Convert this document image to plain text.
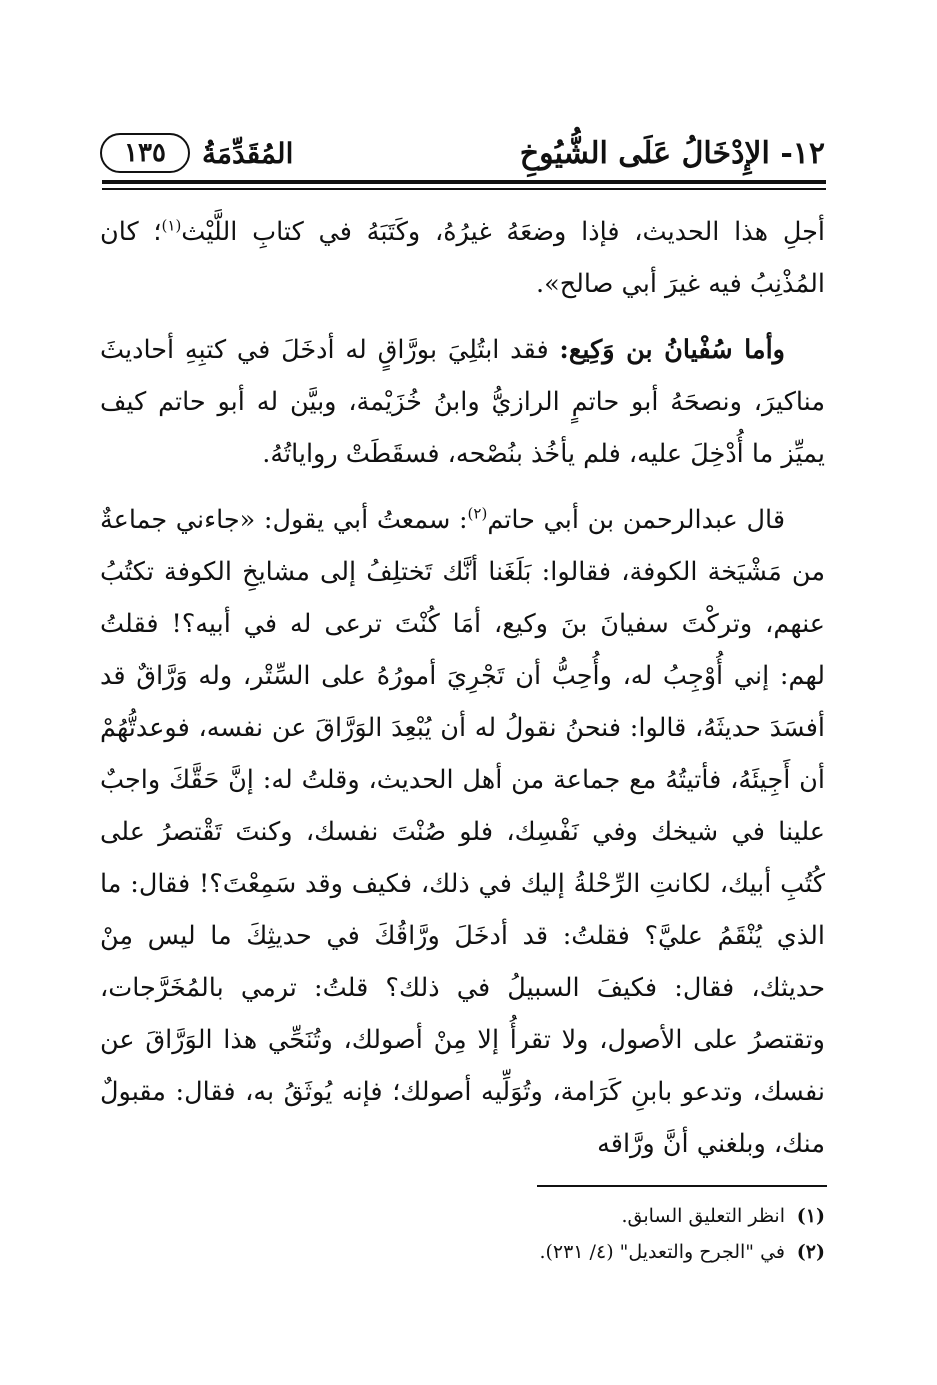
١٢- الإِدْخَالُ عَلَى الشُّيُوخِ
المُقَدِّمَةُ
١٣٥

أجلِ هذا الحديث، فإذا وضعَهُ غيرُهُ، وكَتَبَهُ في كتابِ اللَّيْث$^{(١)}$؛ كان المُذْنِبُ فيه غيرَ أبي صالح».

وأما سُفْيانُ بن وَكِيع: فقد ابتُلِيَ بورَّاقٍ له أدخَلَ في كتبِهِ أحاديثَ مناكيرَ، ونصحَهُ أبو حاتمٍ الرازيُّ وابنُ خُزَيْمة، وبيَّن له أبو حاتم كيف يميِّز ما أُدْخِلَ عليه، فلم يأخُذ بنُصْحه، فسقَطَتْ رواياتُهُ.

قال عبدالرحمن بن أبي حاتم$^{(٢)}$: سمعتُ أبي يقول: «جاءني جماعةٌ من مَشْيَخة الكوفة، فقالوا: بَلَغَنا أنَّك تَختلِفُ إلى مشايخِ الكوفة تكتُبُ عنهم، وتركْتَ سفيانَ بنَ وكيع، أمَا كُنْتَ ترعى له في أبيه؟! فقلتُ لهم: إني أُوْجِبُ له، وأُحِبُّ أن تَجْرِيَ أمورُهُ على السِّتْر، وله وَرَّاقٌ قد أفسَدَ حديثَهُ، قالوا: فنحنُ نقولُ له أن يُبْعِدَ الوَرَّاقَ عن نفسه، فوعدتُّهُمْ أن أَجِيئَهُ، فأتيتُهُ مع جماعة من أهل الحديث، وقلتُ له: إنَّ حَقَّكَ واجبٌ علينا في شيخك وفي نَفْسِك، فلو صُنْتَ نفسك، وكنتَ تَقْتصرُ على كُتُبِ أبيك، لكانتِ الرِّحْلةُ إليك في ذلك، فكيف وقد سَمِعْتَ؟! فقال: ما الذي يُنْقَمُ عليَّ؟ فقلتُ: قد أدخَلَ ورَّاقُكَ في حديثِكَ ما ليس مِنْ حديثك، فقال: فكيفَ السبيلُ في ذلك؟ قلتُ: ترمي بالمُخَرَّجات، وتقتصرُ على الأصول، ولا تقرأُ إلا مِنْ أصولك، وتُنَحِّي هذا الوَرَّاقَ عن نفسك، وتدعو بابنِ كَرَامة، وتُوَلِّيه أصولك؛ فإنه يُوثَقُ به، فقال: مقبولٌ منك، وبلغني أنَّ ورَّاقه

(١)انظر التعليق السابق.
(٢)في "الجرح والتعديل" (٤/ ٢٣١).
